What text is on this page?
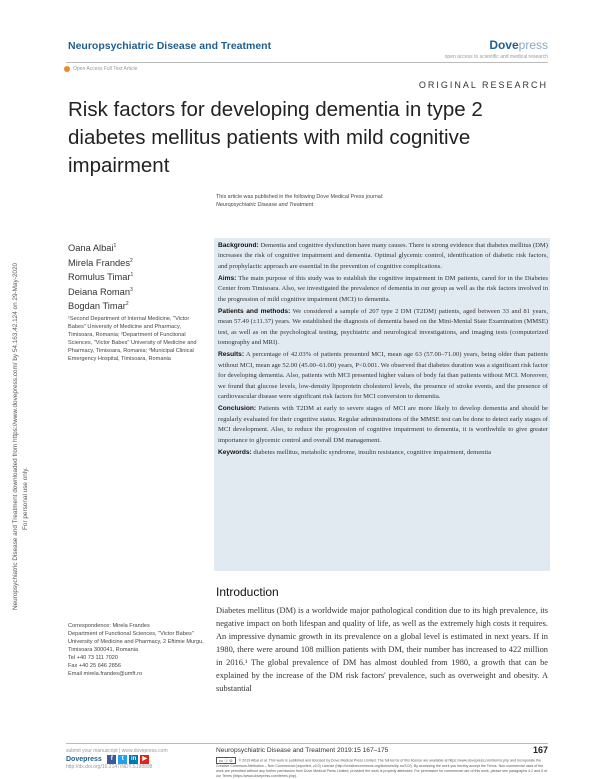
Neuropsychiatric Disease and Treatment	Dovepress
open access to scientific and medical research
Open Access Full Text Article
ORIGINAL RESEARCH
Risk factors for developing dementia in type 2 diabetes mellitus patients with mild cognitive impairment
This article was published in the following Dove Medical Press journal:
Neuropsychiatric Disease and Treatment
Neuropsychiatric Disease and Treatment downloaded from https://www.dovepress.com/ by 54.163.42.124 on 29-May-2020 For personal use only.
Oana Albai$^1$
Mirela Frandes$^2$
Romulus Timar$^1$
Deiana Roman$^3$
Bogdan Timar$^2$
¹Second Department of Internal Medicine, "Victor Babes" University of Medicine and Pharmacy, Timisoara, Romania; ²Department of Functional Sciences, "Victor Babes" University of Medicine and Pharmacy, Timisoara, Romania; ³Municipal Clinical Emergency Hospital, Timisoara, Romania

Background: Dementia and cognitive dysfunction have many causes. There is strong evidence that diabetes mellitus (DM) increases the risk of cognitive impairment and dementia. Optimal glycemic control, identification of diabetic risk factors, and prophylactic approach are essential in the prevention of cognitive complications.

Aims: The main purpose of this study was to establish the cognitive impairment in DM patients, cared for in the Diabetes Center from Timisoara. Also, we investigated the prevalence of dementia in our group as well as the risk factors involved in the progression of mild cognitive impairment (MCI) to dementia.

Patients and methods: We considered a sample of 207 type 2 DM (T2DM) patients, aged between 33 and 81 years, mean 57.49 (±11.37) years. We established the diagnosis of dementia based on the Mini-Mental State Examination (MMSE) test, as well as on the psychological testing, psychiatric and neurological investigations, and imaging tests (computerized tomography and MRI).

Results: A percentage of 42.03% of patients presented MCI, mean age 63 (57.00–71.00) years, being older than patients without MCI, mean age 52.00 (45.00–61.00) years, P<0.001. We observed that diabetes duration was a significant risk factor for developing dementia. Also, patients with MCI presented higher values of body fat than patients without MCI. Moreover, we found that glucose levels, low-density lipoprotein cholesterol levels, the presence of stroke events, and the presence of cardiovascular disease were significant risk factors for MCI conversion to dementia.

Conclusion: Patients with T2DM at early to severe stages of MCI are more likely to develop dementia and should be regularly evaluated for their cognitive status. Regular administrations of the MMSE test can be done to detect early stages of MCI development. Also, to reduce the progression of cognitive impairment to dementia, it is worthwhile to give greater importance to glycemic control and overall DM management.

Keywords: diabetes mellitus, metabolic syndrome, insulin resistance, cognitive impairment, dementia

Introduction
Diabetes mellitus (DM) is a worldwide major pathological condition due to its high prevalence, its negative impact on both lifespan and quality of life, as well as the extremely high costs it requires. An impressive dynamic growth in its prevalence on a global level is estimated in next years. If in 1980, there were around 108 million patients with DM, their number has increased to 422 million in 2016.¹ The global prevalence of DM has almost doubled from 1980, a growth that can be explained by the increase of the DM risk factors' prevalence, such as overweight and obesity. A substantial
Correspondence: Mirela Frandes
Department of Functional Sciences, "Victor Babes" University of Medicine and Pharmacy, 2 Eftimie Murgu, Timisoara 300041, Romania
Tel +40 73 111 7020
Fax +40 25 646 2856
Email mirela.frandes@umft.ro
submit your manuscript | www.dovepress.com
Dovepress	f	t	in	▶
http://dx.doi.org/10.2147/NDT.S198898
Neuropsychiatric Disease and Treatment 2019:15 167–175	167
cc ⓘ ⊜ © 2019 Albai et al. This work is published and licensed by Dove Medical Press Limited. The full terms of this license are available at https://www.dovepress.com/terms.php and incorporate the Creative Commons Attribution – Non Commercial (unported, v3.0) License (http://creativecommons.org/licenses/by-nc/3.0/). By accessing the work you hereby accept the Terms. Non-commercial uses of the work are permitted without any further permission from Dove Medical Press Limited, provided the work is properly attributed. For permission for commercial use of this work, please see paragraphs 4.2 and 5 of our Terms (https://www.dovepress.com/terms.php).
